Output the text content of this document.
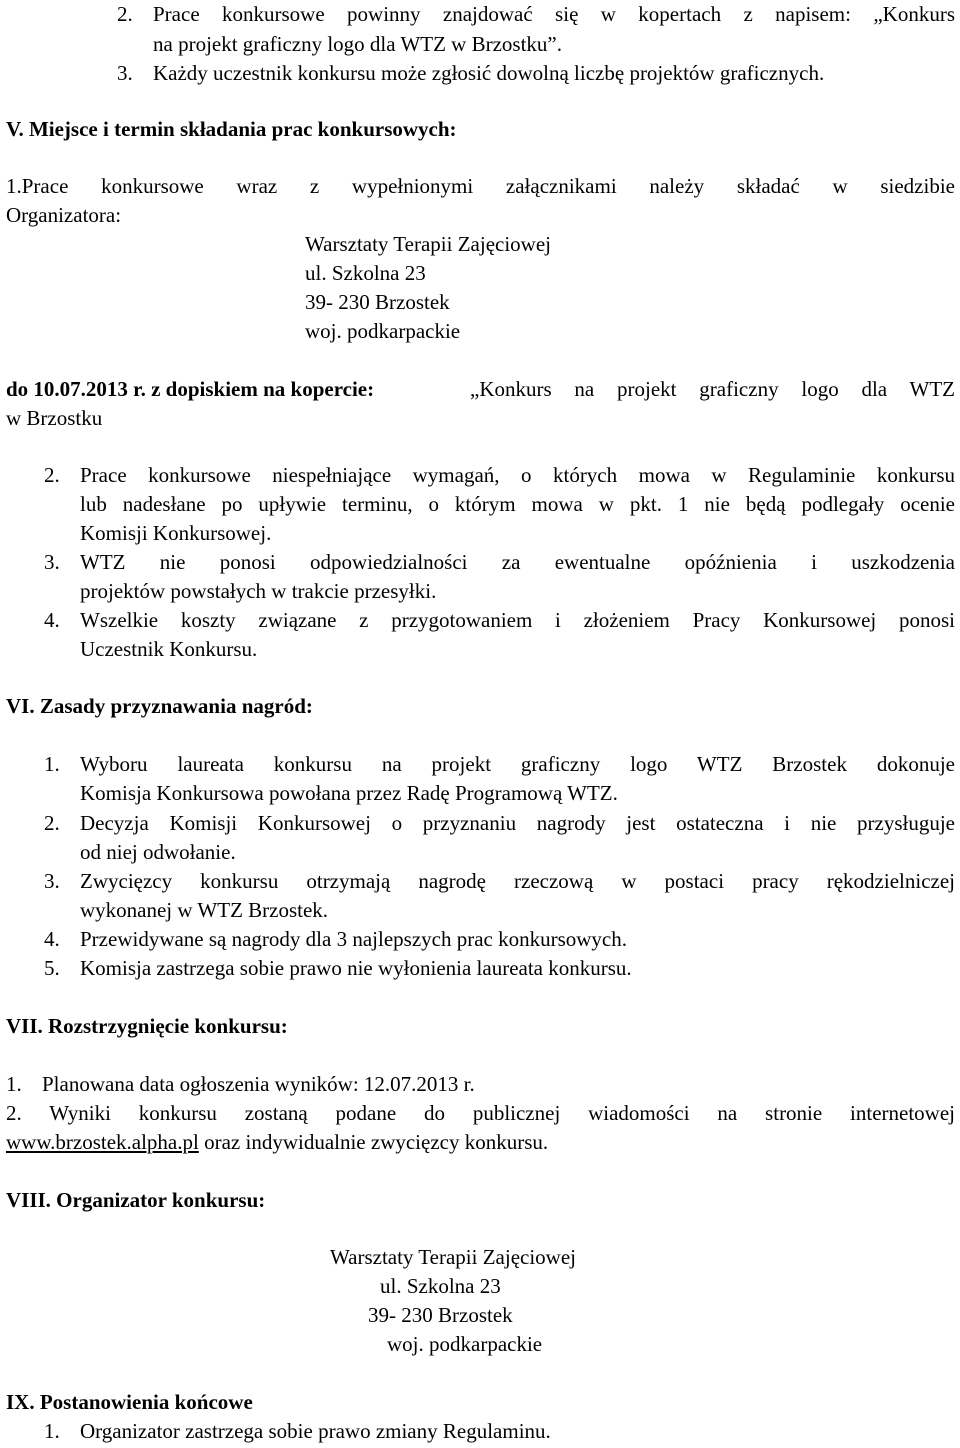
2. Prace konkursowe powinny znajdować się w kopertach z napisem: „Konkurs
na projekt graficzny logo dla WTZ w Brzostku”.
3. Każdy uczestnik konkursu może zgłosić dowolną liczbę projektów graficznych.
V. Miejsce i termin składania prac konkursowych:
1.Prace konkursowe wraz z wypełnionymi załącznikami należy składać w siedzibie
Organizatora:
Warsztaty Terapii Zajęciowej
ul. Szkolna 23
39- 230 Brzostek
woj. podkarpackie
do 10.07.2013 r. z dopiskiem na kopercie:	„Konkurs na projekt graficzny logo dla WTZ
w Brzostku
2. Prace konkursowe niespełniające wymagań, o których mowa w Regulaminie konkursu
lub nadesłane po upływie terminu, o którym mowa w pkt. 1 nie będą podlegały ocenie
Komisji Konkursowej.
3. WTZ nie ponosi odpowiedzialności za ewentualne opóźnienia i uszkodzenia
projektów powstałych w trakcie przesyłki.
4. Wszelkie koszty związane z przygotowaniem i złożeniem Pracy Konkursowej ponosi
Uczestnik Konkursu.
VI. Zasady przyznawania nagród:
1. Wyboru laureata konkursu na projekt graficzny logo WTZ Brzostek dokonuje
Komisja Konkursowa powołana przez Radę Programową WTZ.
2. Decyzja Komisji Konkursowej o przyznaniu nagrody jest ostateczna i nie przysługuje
od niej odwołanie.
3. Zwycięzcy konkursu otrzymają nagrodę rzeczową w postaci pracy rękodzielniczej
wykonanej w WTZ Brzostek.
4. Przewidywane są nagrody dla 3 najlepszych prac konkursowych.
5. Komisja zastrzega sobie prawo nie wyłonienia laureata konkursu.
VII. Rozstrzygnięcie konkursu:
1. Planowana data ogłoszenia wyników: 12.07.2013 r.
2. Wyniki konkursu zostaną podane do publicznej wiadomości na stronie internetowej
www.brzostek.alpha.pl oraz indywidualnie zwycięzcy konkursu.
VIII. Organizator konkursu:
Warsztaty Terapii Zajęciowej
ul. Szkolna 23
39- 230 Brzostek
woj. podkarpackie
IX. Postanowienia końcowe
1. Organizator zastrzega sobie prawo zmiany Regulaminu.
